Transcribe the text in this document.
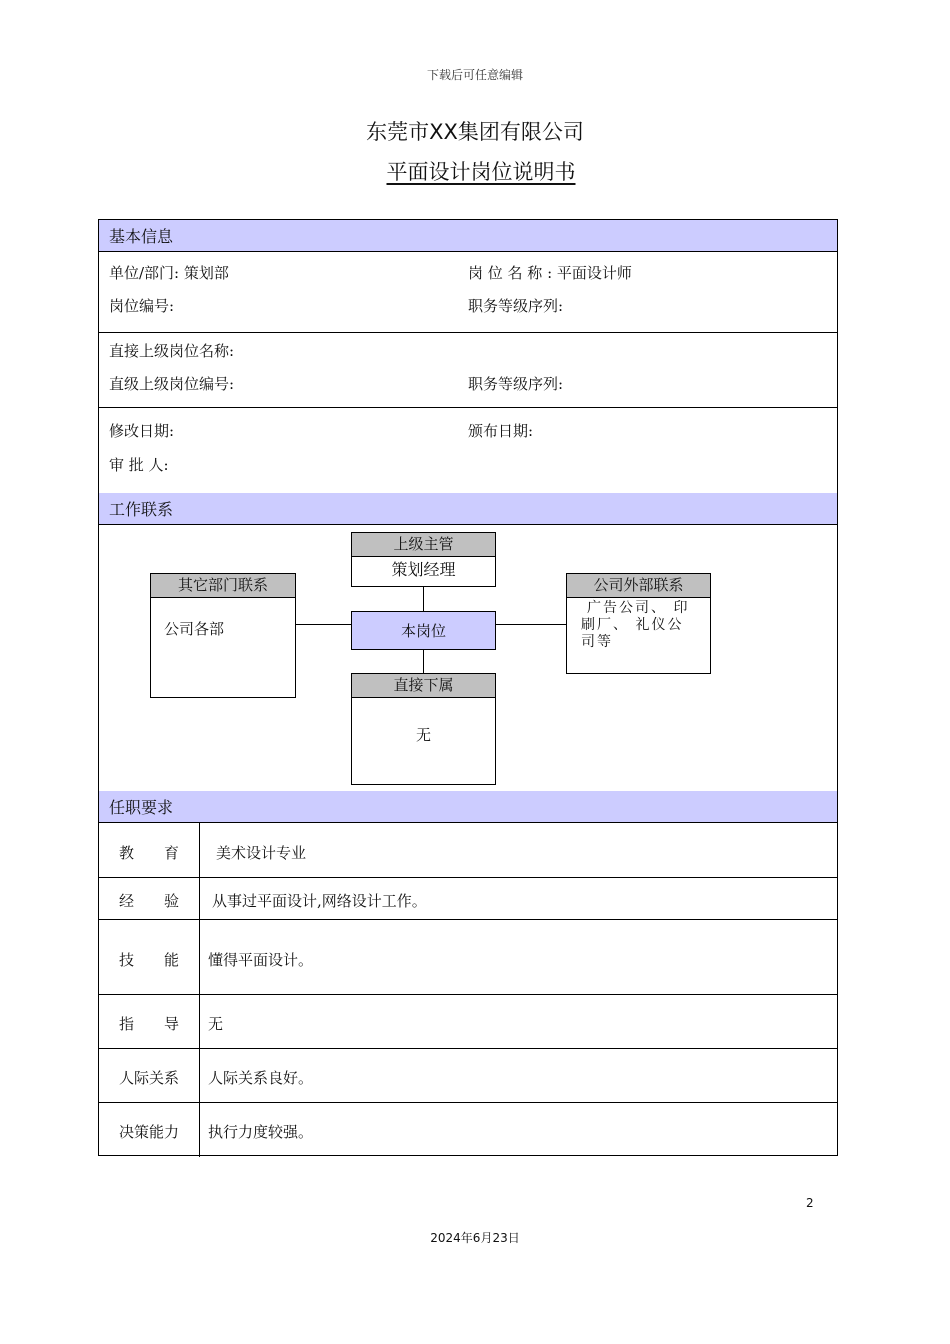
下载后可任意编辑
东莞市XX集团有限公司
平面设计岗位说明书
基本信息
单位/部门: 策划部	岗 位 名 称 : 平面设计师
岗位编号:	职务等级序列:
直接上级岗位名称:
直级上级岗位编号:	职务等级序列:
修改日期:	颁布日期:
审 批 人:
工作联系
上级主管
策划经理
其它部门联系
公司各部
公司外部联系
广告公司、 印
刷厂、 礼仪公
司等
本岗位
直接下属
无
任职要求
教　　育	美术设计专业
经　　验	从事过平面设计,网络设计工作。
技　　能	懂得平面设计。
指　　导	无
人际关系	人际关系良好。
决策能力	执行力度较强。
2
2024年6月23日
